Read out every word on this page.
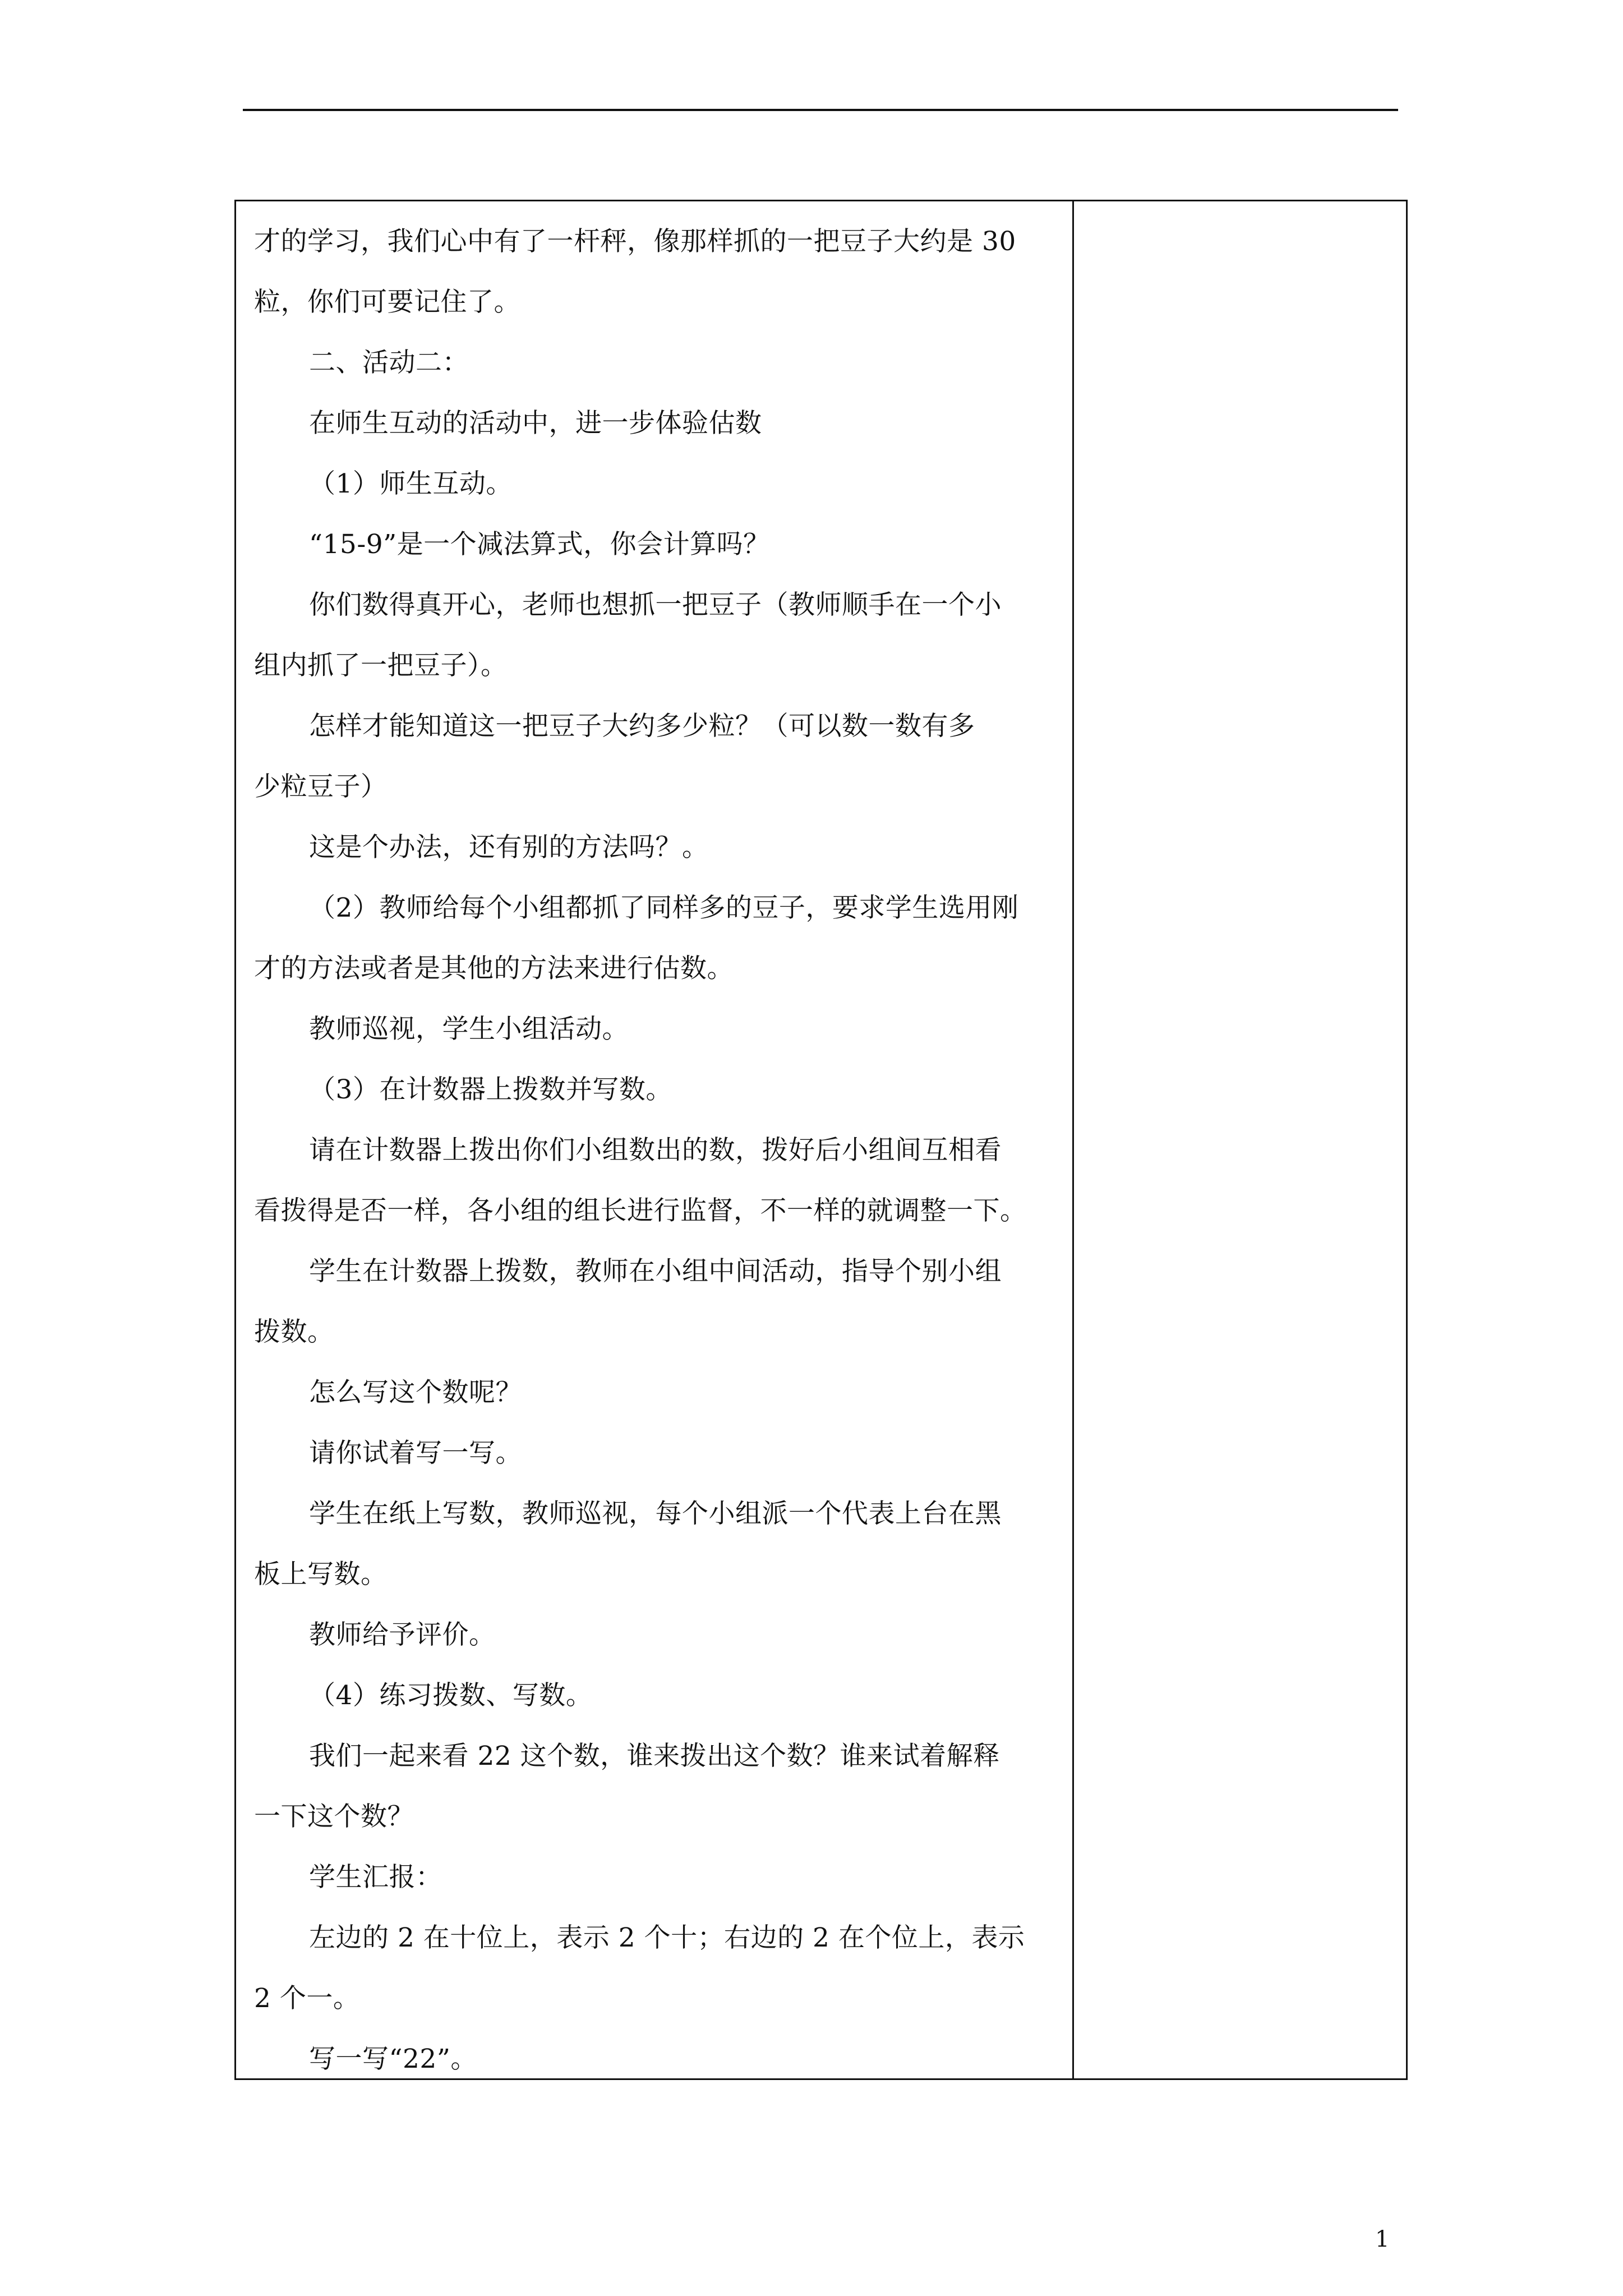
才的学习，我们心中有了一杆秤，像那样抓的一把豆子大约是 30

粒，你们可要记住了。

二、活动二：

在师生互动的活动中，进一步体验估数

（1）师生互动。

“15-9”是一个减法算式，你会计算吗？

你们数得真开心，老师也想抓一把豆子（教师顺手在一个小

组内抓了一把豆子）。

怎样才能知道这一把豆子大约多少粒？（可以数一数有多

少粒豆子）

这是个办法，还有别的方法吗？。

（2）教师给每个小组都抓了同样多的豆子，要求学生选用刚

才的方法或者是其他的方法来进行估数。

教师巡视，学生小组活动。

（3）在计数器上拨数并写数。

请在计数器上拨出你们小组数出的数，拨好后小组间互相看

看拨得是否一样，各小组的组长进行监督，不一样的就调整一下。

学生在计数器上拨数，教师在小组中间活动，指导个别小组

拨数。

怎么写这个数呢？

请你试着写一写。

学生在纸上写数，教师巡视，每个小组派一个代表上台在黑

板上写数。

教师给予评价。

（4）练习拨数、写数。

我们一起来看 22 这个数，谁来拨出这个数？谁来试着解释

一下这个数？

学生汇报：

左边的 2 在十位上，表示 2 个十；右边的 2 在个位上，表示

2 个一。

写一写“22”。

1
